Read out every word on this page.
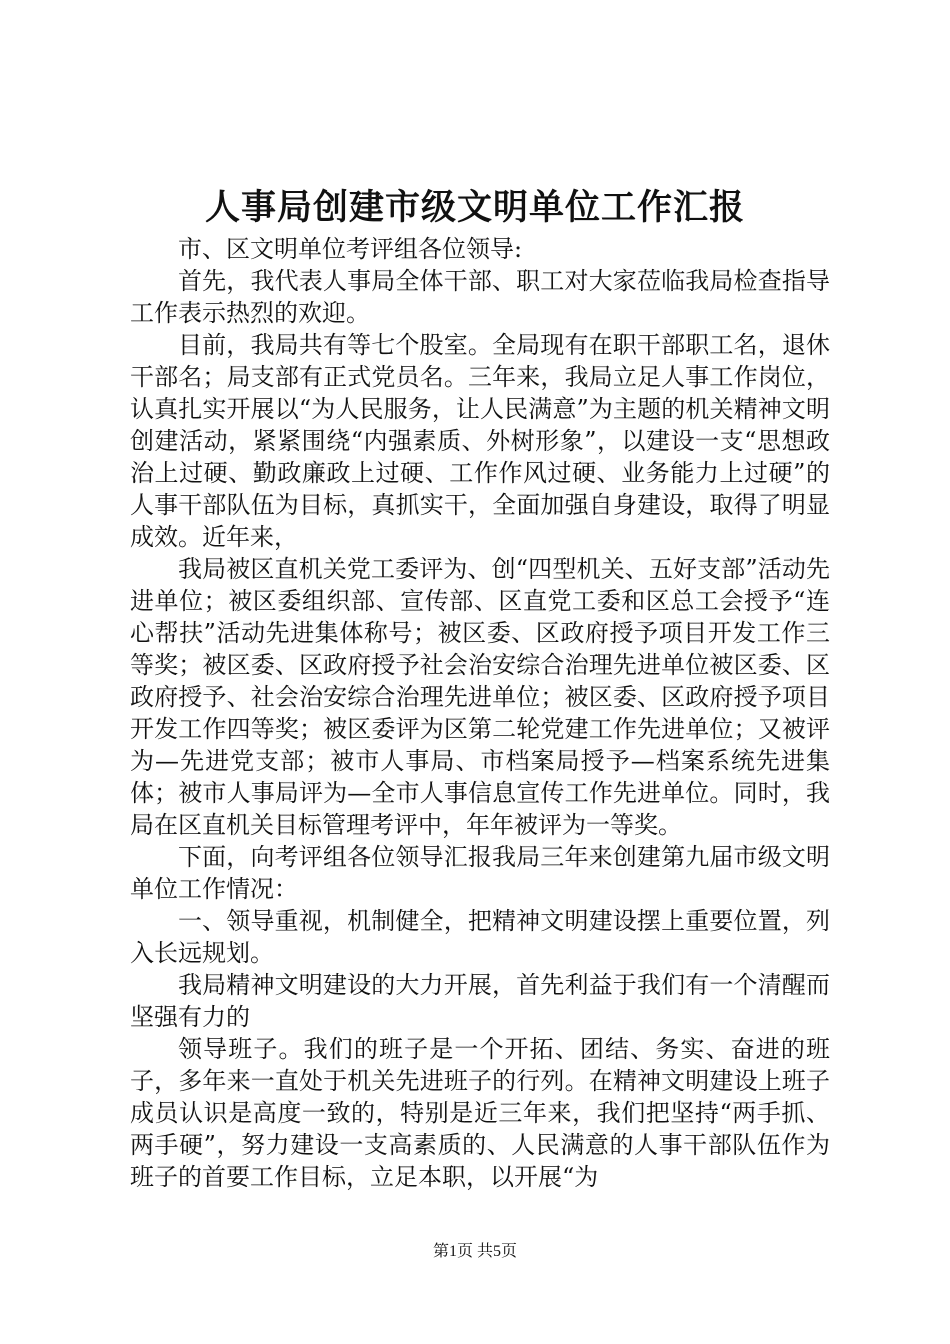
人事局创建市级文明单位工作汇报

市、区文明单位考评组各位领导:

首先，我代表人事局全体干部、职工对大家莅临我局检查指导工作表示热烈的欢迎。

目前，我局共有等七个股室。全局现有在职干部职工名，退休干部名；局支部有正式党员名。三年来，我局立足人事工作岗位，认真扎实开展以“为人民服务，让人民满意”为主题的机关精神文明创建活动，紧紧围绕“内强素质、外树形象”，以建设一支“思想政治上过硬、勤政廉政上过硬、工作作风过硬、业务能力上过硬”的人事干部队伍为目标，真抓实干，全面加强自身建设，取得了明显成效。近年来，

我局被区直机关党工委评为、创“四型机关、五好支部”活动先进单位；被区委组织部、宣传部、区直党工委和区总工会授予“连心帮扶”活动先进集体称号；被区委、区政府授予项目开发工作三等奖；被区委、区政府授予社会治安综合治理先进单位被区委、区政府授予、社会治安综合治理先进单位；被区委、区政府授予项目开发工作四等奖；被区委评为区第二轮党建工作先进单位；又被评为—先进党支部；被市人事局、市档案局授予—档案系统先进集体；被市人事局评为—全市人事信息宣传工作先进单位。同时，我局在区直机关目标管理考评中，年年被评为一等奖。

下面，向考评组各位领导汇报我局三年来创建第九届市级文明单位工作情况：

一、领导重视，机制健全，把精神文明建设摆上重要位置，列入长远规划。

我局精神文明建设的大力开展，首先利益于我们有一个清醒而坚强有力的

领导班子。我们的班子是一个开拓、团结、务实、奋进的班子，多年来一直处于机关先进班子的行列。在精神文明建设上班子成员认识是高度一致的，特别是近三年来，我们把坚持“两手抓、两手硬”，努力建设一支高素质的、人民满意的人事干部队伍作为班子的首要工作目标，立足本职，以开展“为

第1页 共5页
